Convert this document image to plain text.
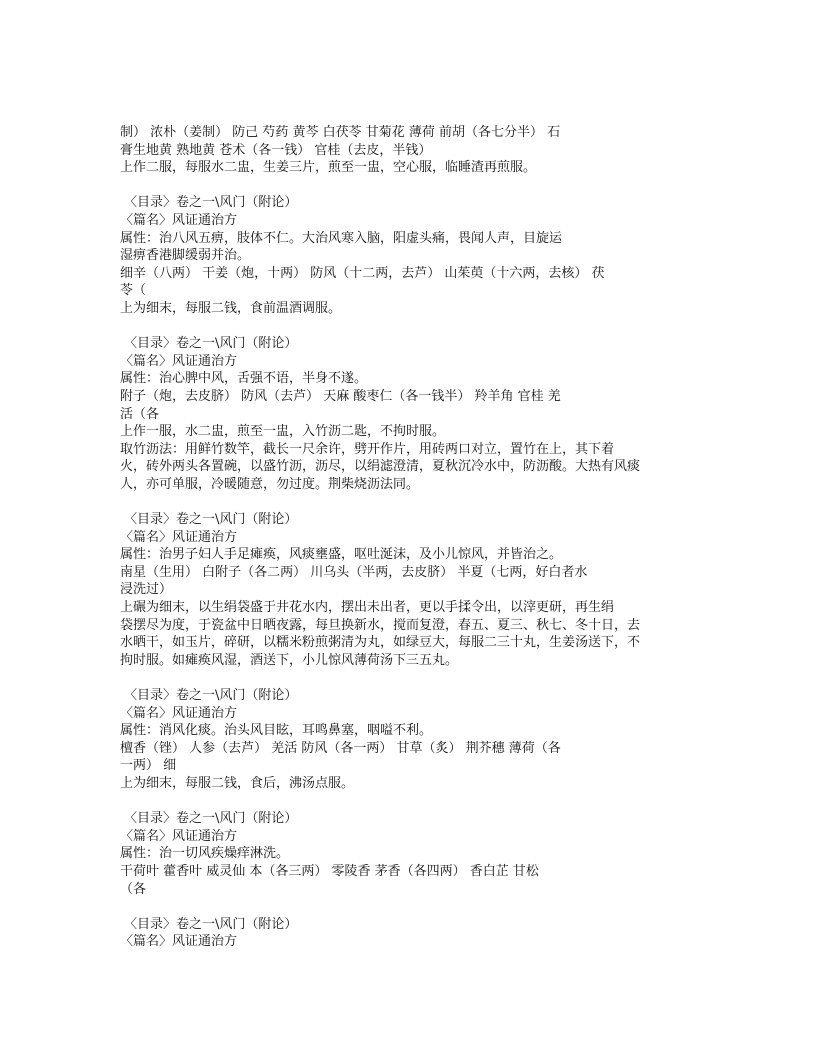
制） 浓朴（姜制） 防己 芍药 黄芩 白茯苓 甘菊花 薄荷 前胡（各七分半） 石
膏生地黄 熟地黄 苍术（各一钱） 官桂（去皮，半钱）
上作二服，每服水二盅，生姜三片，煎至一盅，空心服，临睡渣再煎服。
〈目录〉卷之一\风门（附论）
〈篇名〉风证通治方
属性：治八风五痹，肢体不仁。大治风寒入脑，阳虚头痛，畏闻人声，目旋运
湿痹香港脚缓弱并治。
细辛（八两） 干姜（炮，十两） 防风（十二两，去芦） 山茱萸（十六两，去核） 茯
苓（
上为细末，每服二钱，食前温酒调服。
〈目录〉卷之一\风门（附论）
〈篇名〉风证通治方
属性：治心脾中风，舌强不语，半身不遂。
附子（炮，去皮脐） 防风（去芦） 天麻 酸枣仁（各一钱半） 羚羊角 官桂 羌
活（各
上作一服，水二盅，煎至一盅，入竹沥二匙，不拘时服。
取竹沥法：用鲜竹数竿，截长一尺余许，劈开作片，用砖两口对立，置竹在上，其下着
火，砖外两头各置碗，以盛竹沥，沥尽，以绢滤澄清，夏秋沉冷水中，防沥酸。大热有风痰
人，亦可单服，冷暖随意，勿过度。荆柴烧沥法同。
〈目录〉卷之一\风门（附论）
〈篇名〉风证通治方
属性：治男子妇人手足瘫痪，风痰壅盛，呕吐涎沫，及小儿惊风，并皆治之。
南星（生用） 白附子（各二两） 川乌头（半两，去皮脐） 半夏（七两，好白者水
浸洗过）
上碾为细末，以生绢袋盛于井花水内，摆出未出者，更以手揉令出，以滓更研，再生绢
袋摆尽为度，于瓷盆中日晒夜露，每旦换新水，搅而复澄，春五、夏三、秋七、冬十日，去
水晒干，如玉片，碎研，以糯米粉煎粥清为丸，如绿豆大，每服二三十丸，生姜汤送下，不
拘时服。如瘫痪风湿，酒送下，小儿惊风薄荷汤下三五丸。
〈目录〉卷之一\风门（附论）
〈篇名〉风证通治方
属性：消风化痰。治头风目眩，耳鸣鼻塞，咽嗌不利。
檀香（锉） 人参（去芦） 羌活 防风（各一两） 甘草（炙） 荆芥穗 薄荷（各
一两） 细
上为细末，每服二钱，食后，沸汤点服。
〈目录〉卷之一\风门（附论）
〈篇名〉风证通治方
属性：治一切风疾燥痒淋洗。
干荷叶 藿香叶 威灵仙 本（各三两） 零陵香 茅香（各四两） 香白芷 甘松
（各
〈目录〉卷之一\风门（附论）
〈篇名〉风证通治方
